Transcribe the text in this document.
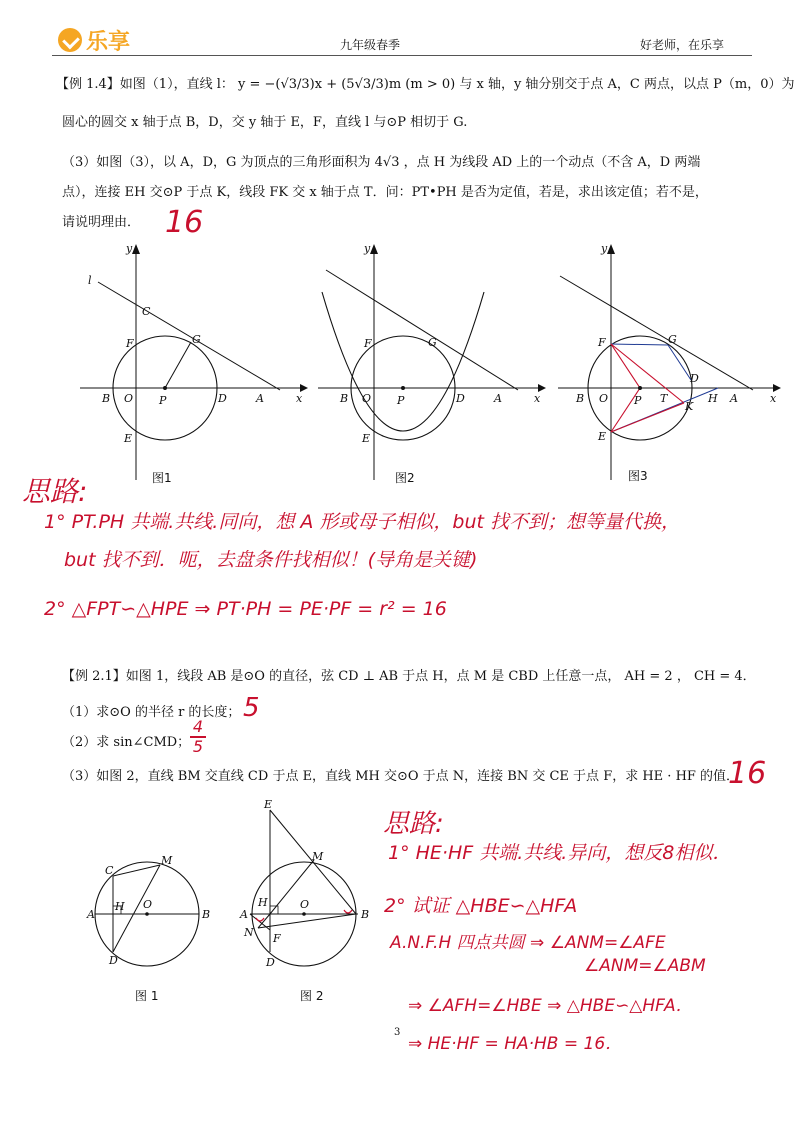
乐享	九年级春季	好老师，在乐享
【例 1.4】如图（1），直线 l： y = −(√3/3)x + (5√3/3)m (m > 0) 与 x 轴，y 轴分别交于点 A，C 两点，以点 P（m，0）为
圆心的圆交 x 轴于点 B，D，交 y 轴于 E，F，直线 l 与⊙P 相切于 G.
（3）如图（3），以 A，D，G 为顶点的三角形面积为 4√3 ，点 H 为线段 AD 上的一个动点（不含 A，D 两端
点），连接 EH 交⊙P 于点 K，线段 FK 交 x 轴于点 T．问：PT•PH 是否为定值，若是，求出该定值；若不是，
请说明理由． 16
l
y
C
F	G
B O P	D	A	x
E
图1
y
F	G
B O P	D	A	x
E
图2
y
F	G
B O P T
D
K
H A	x
E
图3
思路:
1° PT.PH 共端.共线.同向，想 A 形或母子相似，but 找不到；想等量代换，
but 找不到．呃，去盘条件找相似！(导角是关键)
2° △FPT∽△HPE ⇒ PT·PH = PE·PF = r² = 16
【例 2.1】如图 1，线段 AB 是⊙O 的直径，弦 CD ⊥ AB 于点 H，点 M 是 CBD 上任意一点， AH = 2 ， CH = 4．
（1）求⊙O 的半径 r 的长度； 5
（2）求 sin∠CMD；
4
5
（3）如图 2，直线 BM 交直线 CD 于点 E，直线 MH 交⊙O 于点 N，连接 BN 交 CE 于点 F，求 HE · HF 的值．
16
C
M
A
H O
B
D
图 1
E
M
A
H	O
B
N F
D
图 2
思路:
1° HE·HF 共端.共线.异向，想反8相似．
2° 试证 △HBE∽△HFA
A.N.F.H 四点共圆 ⇒ ∠ANM=∠AFE
∠ANM=∠ABM
⇒ ∠AFH=∠HBE ⇒ △HBE∽△HFA．
⇒ HE·HF = HA·HB = 16．
3
